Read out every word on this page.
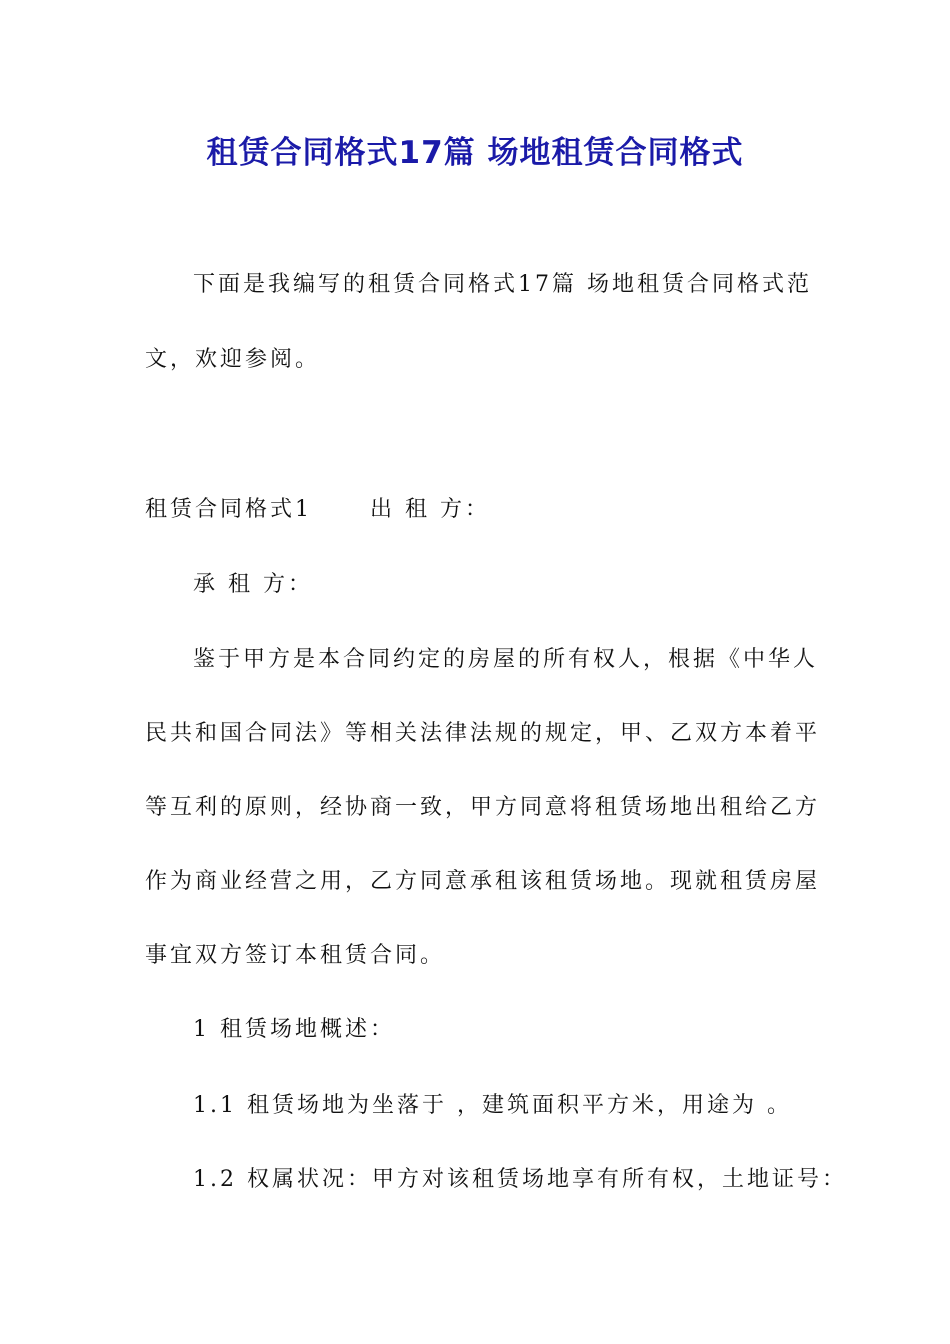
租赁合同格式17篇 场地租赁合同格式
下面是我编写的租赁合同格式17篇 场地租赁合同格式范
文，欢迎参阅。
租赁合同格式1	出 租 方：
承 租 方：
鉴于甲方是本合同约定的房屋的所有权人，根据《中华人
民共和国合同法》等相关法律法规的规定，甲、乙双方本着平
等互利的原则，经协商一致，甲方同意将租赁场地出租给乙方
作为商业经营之用，乙方同意承租该租赁场地。现就租赁房屋
事宜双方签订本租赁合同。
1 租赁场地概述：
1.1 租赁场地为坐落于 ，建筑面积平方米，用途为 。
1.2 权属状况：甲方对该租赁场地享有所有权，土地证号：
